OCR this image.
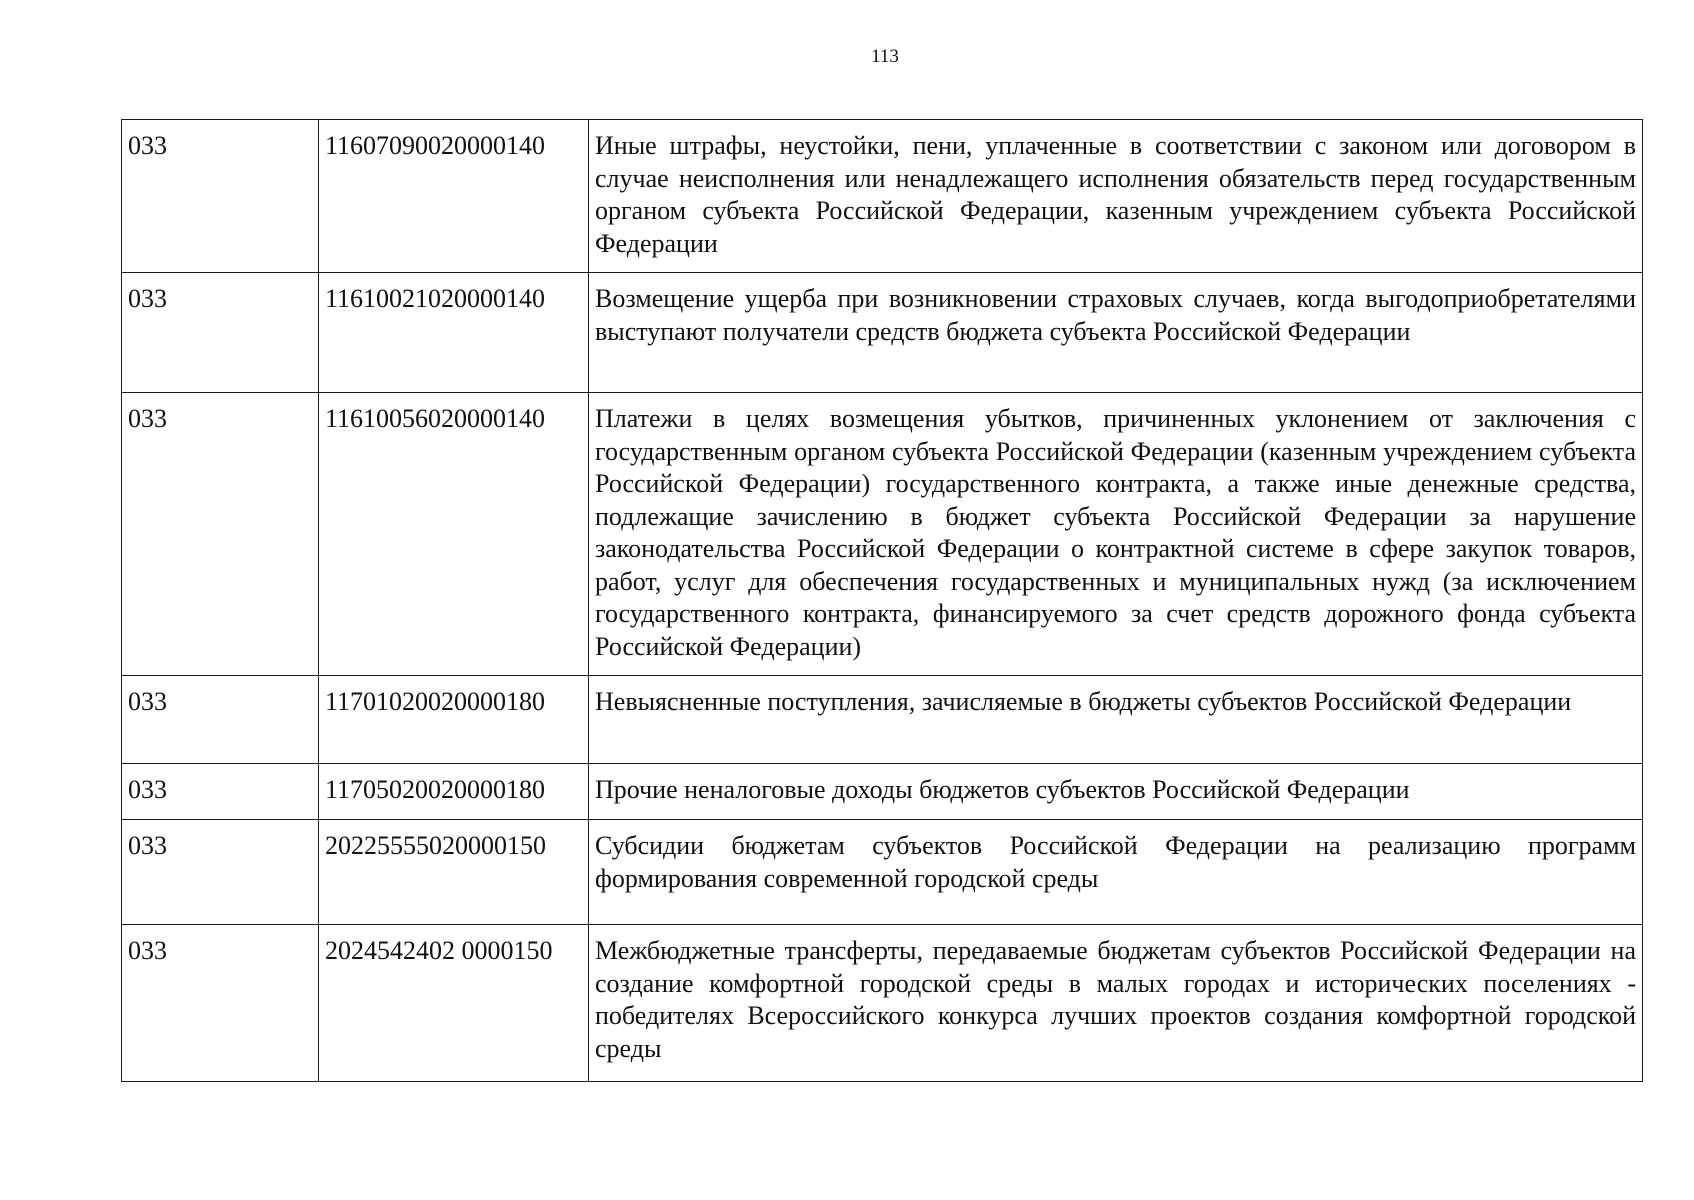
113
033	11607090020000140	Иные штрафы, неустойки, пени, уплаченные в соответствии с законом или договором в случае неисполнения или ненадлежащего исполнения обязательств перед государственным органом субъекта Российской Федерации, казенным учреждением субъекта Российской Федерации
033	11610021020000140	Возмещение ущерба при возникновении страховых случаев, когда выгодоприобретателями выступают получатели средств бюджета субъекта Российской Федерации
033	11610056020000140	Платежи в целях возмещения убытков, причиненных уклонением от заключения с государственным органом субъекта Российской Федерации (казенным учреждением субъекта Российской Федерации) государственного контракта, а также иные денежные средства, подлежащие зачислению в бюджет субъекта Российской Федерации за нарушение законодательства Российской Федерации о контрактной системе в сфере закупок товаров, работ, услуг для обеспечения государственных и муниципальных нужд (за исключением государственного контракта, финансируемого за счет средств дорожного фонда субъекта Российской Федерации)
033	11701020020000180	Невыясненные поступления, зачисляемые в бюджеты субъектов Российской Федерации
033	11705020020000180	Прочие неналоговые доходы бюджетов субъектов Российской Федерации
033	20225555020000150	Субсидии бюджетам субъектов Российской Федерации на реализацию программ формирования современной городской среды
033	2024542402 0000150	Межбюджетные трансферты, передаваемые бюджетам субъектов Российской Федерации на создание комфортной городской среды в малых городах и исторических поселениях - победителях Всероссийского конкурса лучших проектов создания комфортной городской среды
